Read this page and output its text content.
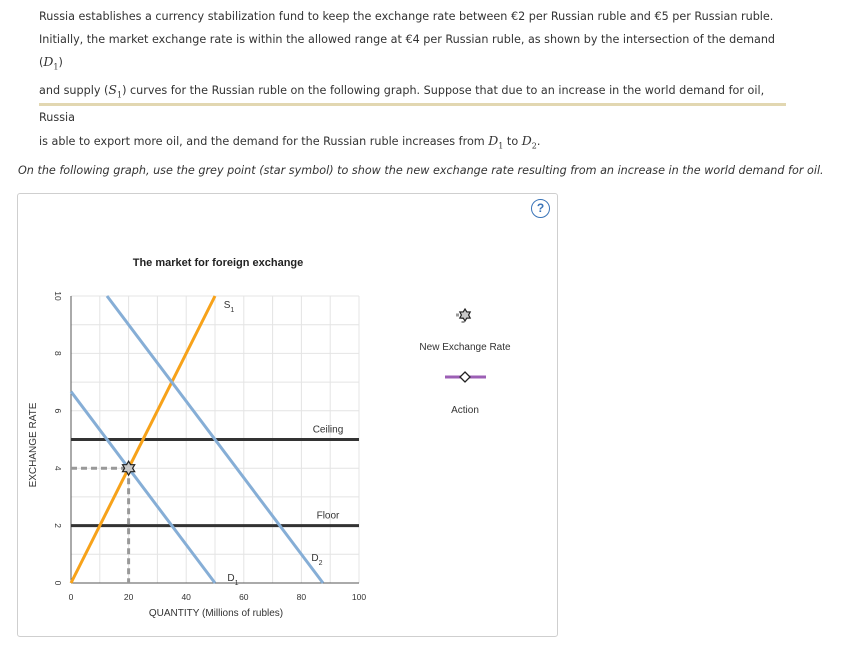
Russia establishes a currency stabilization fund to keep the exchange rate between €2 per Russian ruble and €5 per Russian ruble.
Initially, the market exchange rate is within the allowed range at €4 per Russian ruble, as shown by the intersection of the demand $(D_1)$
and supply $(S_1)$ curves for the Russian ruble on the following graph. Suppose that due to an increase in the world demand for oil, Russia
is able to export more oil, and the demand for the Russian ruble increases from $D_1$ to $D_2$.
On the following graph, use the grey point (star symbol) to show the new exchange rate resulting from an increase in the world demand for oil.
?
The market for foreign exchange
QUANTITY (Millions of rubles)
EXCHANGE RATE
0	20	40	60	80	100
0
2
4
6
8
10
Ceiling
Floor
$S_1$
$D_1$
$D_2$
New Exchange Rate
Action
